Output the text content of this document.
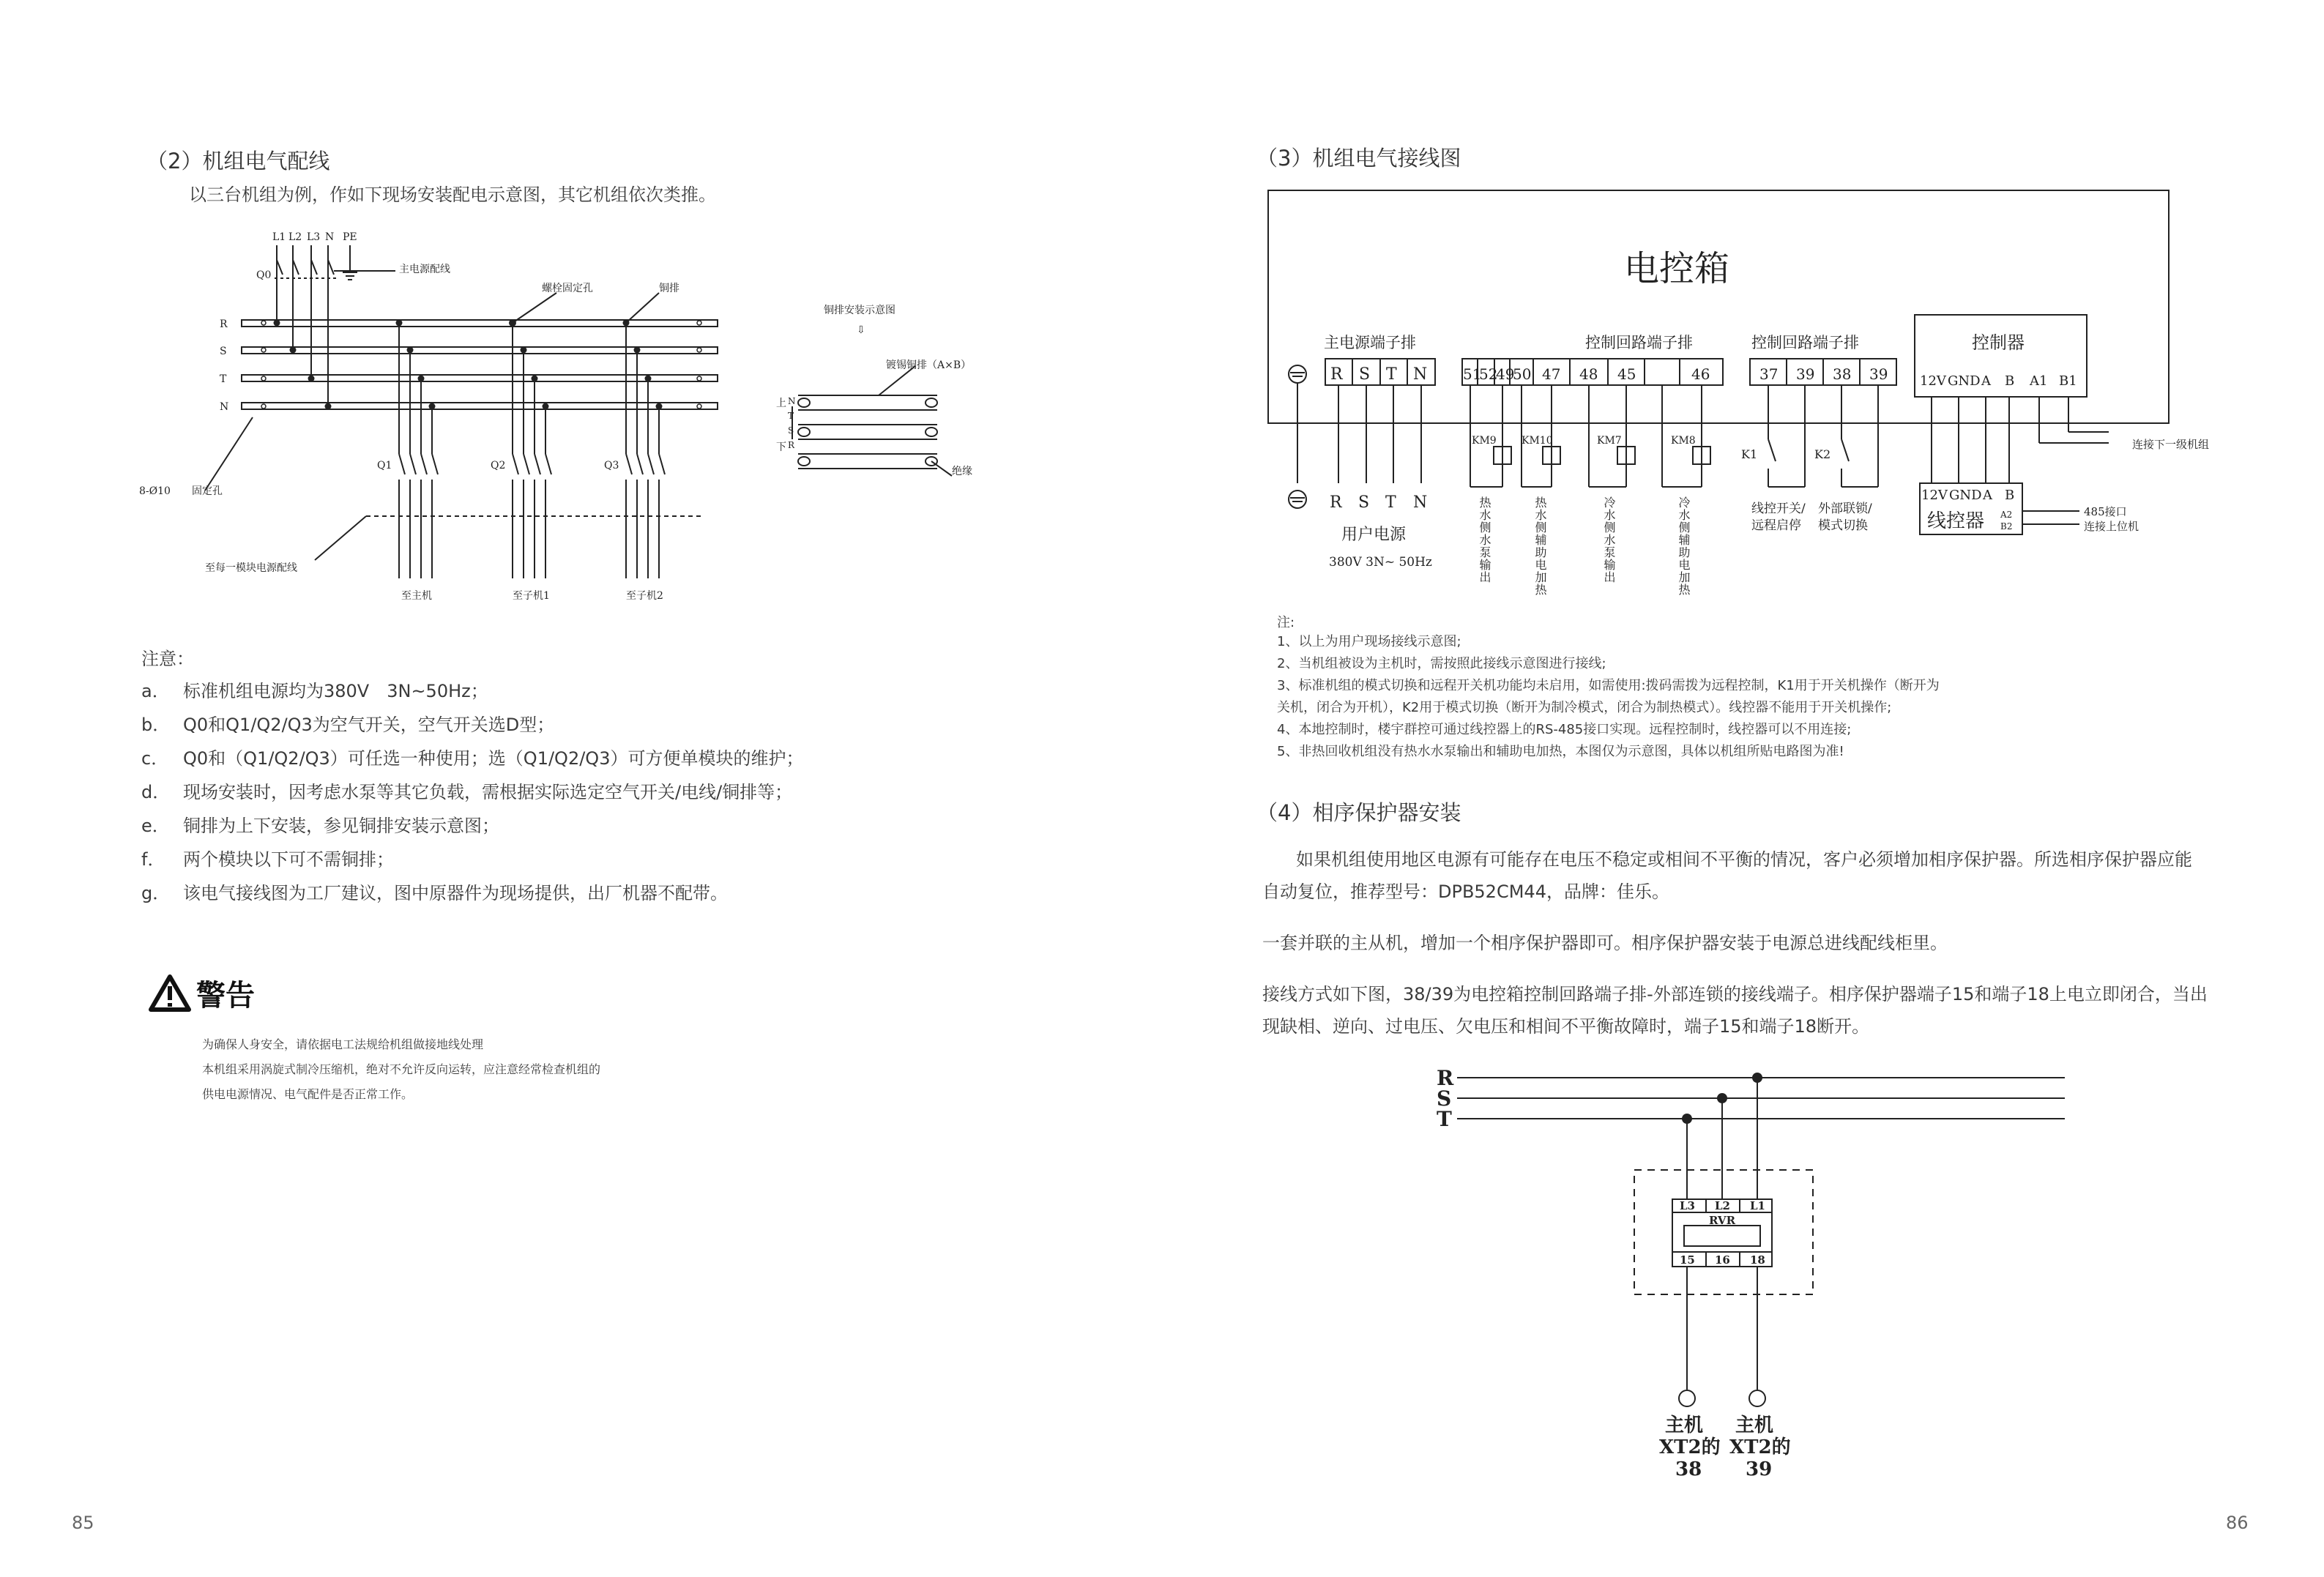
（2）机组电气配线
以三台机组为例，作如下现场安装配电示意图，其它机组依次类推。
L1 L2 L3 N PE
Q0	主电源配线
螺栓固定孔	铜排
R
S
T
N
8-Ø10 固定孔
Q1	Q2	Q3
至每一模块电源配线
至主机	至子机1	至子机2
铜排安装示意图
⇩
镀锡铜排（A×B）
上
下
N
T
S
R
绝缘
注意：
a． 标准机组电源均为380V　3N~50Hz；
b． Q0和Q1/Q2/Q3为空气开关，空气开关选D型；
c． Q0和（Q1/Q2/Q3）可任选一种使用；选（Q1/Q2/Q3）可方便单模块的维护；
d． 现场安装时，因考虑水泵等其它负载，需根据实际选定空气开关/电线/铜排等；
e． 铜排为上下安装，参见铜排安装示意图；
f． 两个模块以下可不需铜排；
g． 该电气接线图为工厂建议，图中原器件为现场提供，出厂机器不配带。
警告
为确保人身安全，请依据电工法规给机组做接地线处理
本机组采用涡旋式制冷压缩机，绝对不允许反向运转，应注意经常检查机组的
供电电源情况、电气配件是否正常工作。
85
（3）机组电气接线图
主电源端子排
R S T N
控制回路端子排
51
52
49
50 47 48 45	46
控制回路端子排
37 39 38 39
控制器
12V GND A B A1 B1
连接下一级机组
KM9 KM10	KM7	KM8
K1	K2
R S T N
用户电源
380V 3N~ 50Hz
线控开关/
远程启停
外部联锁/
模式切换
12V GND A B
线控器 A2
B2
485接口
连接上位机
电控箱
热水侧水泵输出	热水侧辅助电加热	冷水侧水泵输出	冷水侧辅助电加热
注:
1、以上为用户现场接线示意图;
2、当机组被设为主机时，需按照此接线示意图进行接线;
3、标准机组的模式切换和远程开关机功能均未启用，如需使用:拨码需拨为远程控制，K1用于开关机操作（断开为
关机，闭合为开机），K2用于模式切换（断开为制冷模式，闭合为制热模式）。线控器不能用于开关机操作;
4、本地控制时，楼宇群控可通过线控器上的RS-485接口实现。远程控制时，线控器可以不用连接;
5、非热回收机组没有热水水泵输出和辅助电加热，本图仅为示意图，具体以机组所贴电路图为准!
（4）相序保护器安装
如果机组使用地区电源有可能存在电压不稳定或相间不平衡的情况，客户必须增加相序保护器。所选相序保护器应能
自动复位，推荐型号：DPB52CM44，品牌：佳乐。
一套并联的主从机，增加一个相序保护器即可。相序保护器安装于电源总进线配线柜里。
接线方式如下图，38/39为电控箱控制回路端子排-外部连锁的接线端子。相序保护器端子15和端子18上电立即闭合，当出
现缺相、逆向、过电压、欠电压和相间不平衡故障时，端子15和端子18断开。
R
S
T
L3 L2 L1
RVR
15 16 18
主机
XT2的
38
主机
XT2的
39
86
